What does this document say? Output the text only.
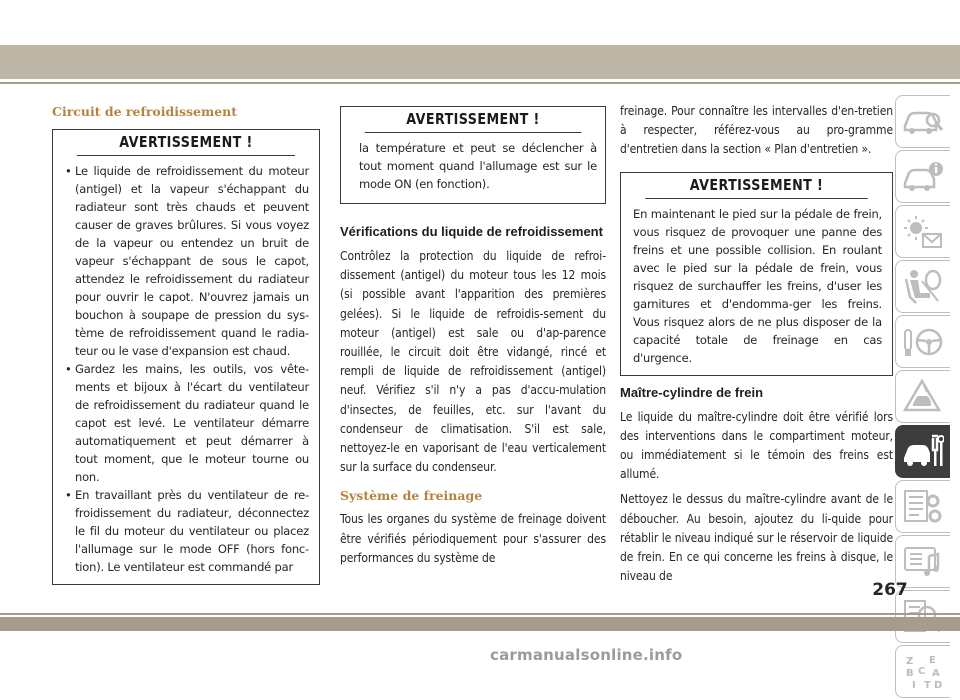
Circuit de refroidissement
AVERTISSEMENT !
• Le liquide de refroidissement du moteur (antigel) et la vapeur s'échappant du radiateur sont très chauds et peuvent causer de graves brûlures. Si vous voyez de la vapeur ou entendez un bruit de vapeur s'échappant de sous le capot, attendez le refroidissement du radiateur pour ouvrir le capot. N'ouvrez jamais un bouchon à soupape de pression du sys-tème de refroidissement quand le radia-teur ou le vase d'expansion est chaud.
• Gardez les mains, les outils, vos vête-ments et bijoux à l'écart du ventilateur de refroidissement du radiateur quand le capot est levé. Le ventilateur démarre automatiquement et peut démarrer à tout moment, que le moteur tourne ou non.
• En travaillant près du ventilateur de re-froidissement du radiateur, déconnectez le fil du moteur du ventilateur ou placez l'allumage sur le mode OFF (hors fonc-tion). Le ventilateur est commandé par
AVERTISSEMENT !
la température et peut se déclencher à tout moment quand l'allumage est sur le mode ON (en fonction).
Vérifications du liquide de refroidissement

Contrôlez la protection du liquide de refroi-dissement (antigel) du moteur tous les 12 mois (si possible avant l'apparition des premières gelées). Si le liquide de refroidis-sement du moteur (antigel) est sale ou d'ap-parence rouillée, le circuit doit être vidangé, rincé et rempli de liquide de refroidissement (antigel) neuf. Vérifiez s'il n'y a pas d'accu-mulation d'insectes, de feuilles, etc. sur l'avant du condenseur de climatisation. S'il est sale, nettoyez-le en vaporisant de l'eau verticalement sur la surface du condenseur.

Système de freinage

Tous les organes du système de freinage doivent être vérifiés périodiquement pour s'assurer des performances du système de

freinage. Pour connaître les intervalles d'en-tretien à respecter, référez-vous au pro-gramme d'entretien dans la section « Plan d'entretien ».

AVERTISSEMENT !
En maintenant le pied sur la pédale de frein, vous risquez de provoquer une panne des freins et une possible collision. En roulant avec le pied sur la pédale de frein, vous risquez de surchauffer les freins, d'user les garnitures et d'endomma-ger les freins. Vous risquez alors de ne plus disposer de la capacité totale de freinage en cas d'urgence.
Maître-cylindre de frein

Le liquide du maître-cylindre doit être vérifié lors des interventions dans le compartiment moteur, ou immédiatement si le témoin des freins est allumé.

Nettoyez le dessus du maître-cylindre avant de le déboucher. Au besoin, ajoutez du li-quide pour rétablir le niveau indiqué sur le réservoir de liquide de frein. En ce qui concerne les freins à disque, le niveau de

Z E
B C A
I T D
267
carmanualsonline.info
